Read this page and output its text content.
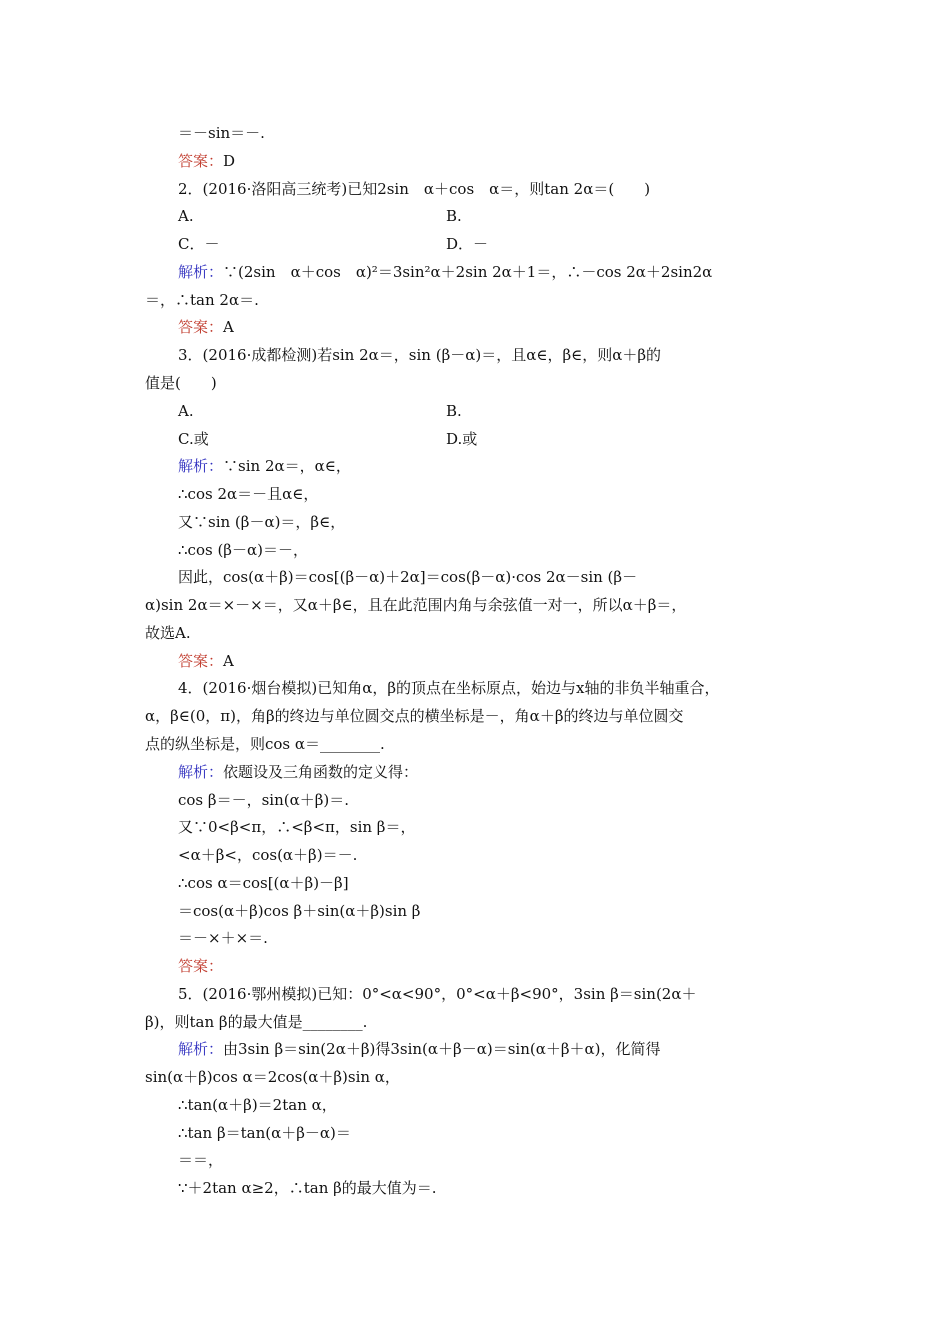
＝－sin＝－.
答案：D
2．(2016·洛阳高三统考)已知2sin　α＋cos　α＝，则tan 2α＝(　　)
A.	B.
C．－	D．－
解析：∵(2sin　α＋cos　α)²＝3sin²α＋2sin 2α＋1＝，∴－cos 2α＋2sin2α
＝，∴tan 2α＝.
答案：A
3．(2016·成都检测)若sin 2α＝，sin (β－α)＝，且α∈，β∈，则α＋β的
值是(　　)
A.	B.
C.或	D.或
解析：∵sin 2α＝，α∈，
∴cos 2α＝－且α∈，
又∵sin (β－α)＝，β∈，
∴cos (β－α)＝－，
因此，cos(α＋β)＝cos[(β－α)＋2α]＝cos(β－α)·cos 2α－sin (β－
α)sin 2α＝×－×＝，又α＋β∈，且在此范围内角与余弦值一对一，所以α＋β＝，
故选A.
答案：A
4．(2016·烟台模拟)已知角α，β的顶点在坐标原点，始边与x轴的非负半轴重合，
α，β∈(0，π)，角β的终边与单位圆交点的横坐标是－，角α＋β的终边与单位圆交
点的纵坐标是，则cos α＝________.
解析：依题设及三角函数的定义得：
cos β＝－，sin(α＋β)＝.
又∵0<β<π，∴<β<π，sin β＝，
<α＋β<，cos(α＋β)＝－.
∴cos α＝cos[(α＋β)－β]
＝cos(α＋β)cos β＋sin(α＋β)sin β
＝－×＋×＝.
答案：
5．(2016·鄂州模拟)已知：0°<α<90°，0°<α＋β<90°，3sin β＝sin(2α＋
β)，则tan β的最大值是________.
解析：由3sin β＝sin(2α＋β)得3sin(α＋β－α)＝sin(α＋β＋α)，化简得
sin(α＋β)cos α＝2cos(α＋β)sin α，
∴tan(α＋β)＝2tan α，
∴tan β＝tan(α＋β－α)＝
＝＝，
∵＋2tan α≥2，∴tan β的最大值为＝.
